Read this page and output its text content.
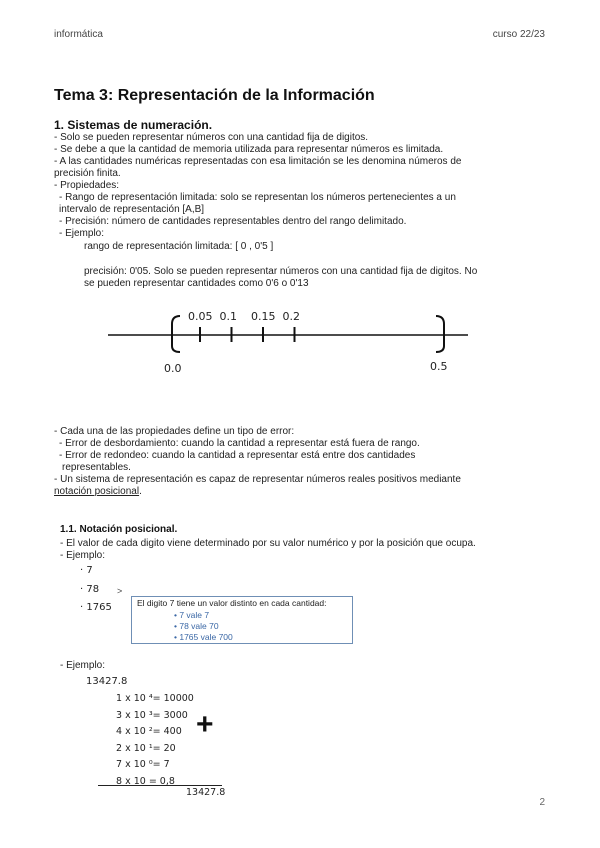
informática	curso 22/23
Tema 3: Representación de la Información
1. Sistemas de numeración.
- Solo se pueden representar números con una cantidad fija de digitos.
- Se debe a que la cantidad de memoria utilizada para representar números es limitada.
- A las cantidades numéricas representadas con esa limitación se les denomina números de
precisión finita.
- Propiedades:
- Rango de representación limitada: solo se representan los números pertenecientes a un
intervalo de representación [A,B]
- Precisión: número de cantidades representables dentro del rango delimitado.
- Ejemplo:
rango de representación limitada: [ 0 , 0'5 ]
precisión: 0'05. Solo se pueden representar números con una cantidad fija de digitos. No
se pueden representar cantidades como 0'6 o 0'13
0.05 0.1 0.15 0.2
0.0	0.5
- Cada una de las propiedades define un tipo de error:
- Error de desbordamiento: cuando la cantidad a representar está fuera de rango.
- Error de redondeo: cuando la cantidad a representar está entre dos cantidades
representables.
- Un sistema de representación es capaz de representar números reales positivos mediante
notación posicional.
1.1. Notación posicional.
- El valor de cada digito viene determinado por su valor numérico y por la posición que ocupa.
- Ejemplo:
· 7
· 78
· 1765
>
El digito 7 tiene un valor distinto en cada cantidad:
• 7 vale 7
• 78 vale 70
• 1765 vale 700
- Ejemplo:
13427.8
1 x 10 ⁴= 10000
3 x 10 ³= 3000
4 x 10 ²= 400
2 x 10 ¹= 20
7 x 10 ⁰= 7
8 x 10 = 0,8
+
13427.8
2
